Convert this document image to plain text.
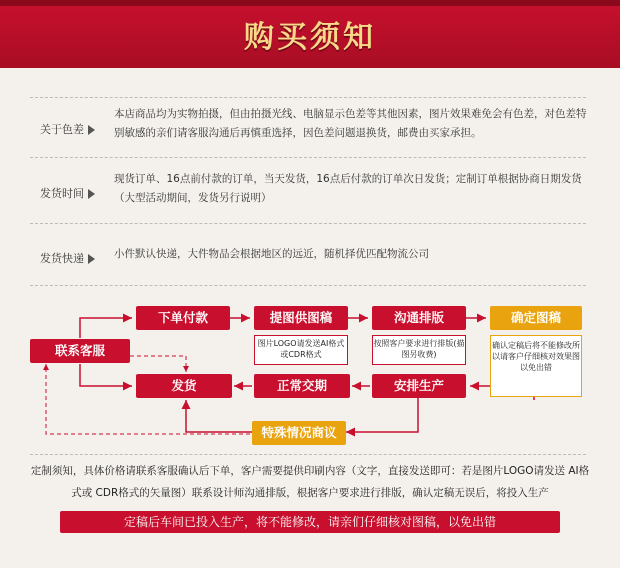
购买须知
关于色差
本店商品均为实物拍摄，但由拍摄光线、电脑显示色差等其他因素，图片效果难免会有色差，对色差特别敏感的亲们请客服沟通后再慎重选择，因色差问题退换货，邮费由买家承担。
发货时间
现货订单、16点前付款的订单，当天发货，16点后付款的订单次日发货；定制订单根据协商日期发货（大型活动期间，发货另行说明）
发货快递	小件默认快递，大件物品会根据地区的远近，随机择优匹配物流公司
联系客服
下单付款	提图供图稿	沟通排版	确定图稿
图片LOGO请发送AI格式或CDR格式
按照客户要求进行排版(描图另收费)
确认定稿后将不能修改所以请客户仔细核对效果图 以免出错
发货	正常交期	安排生产
特殊情况商议
定制须知，具体价格请联系客服确认后下单，客户需要提供印刷内容（文字，直接发送即可：若是图片LOGO请发送 AI格式或 CDR格式的矢量图）联系设计师沟通排版，根据客户要求进行排版，确认定稿无误后，将投入生产
定稿后车间已投入生产，将不能修改，请亲们仔细核对图稿，以免出错
